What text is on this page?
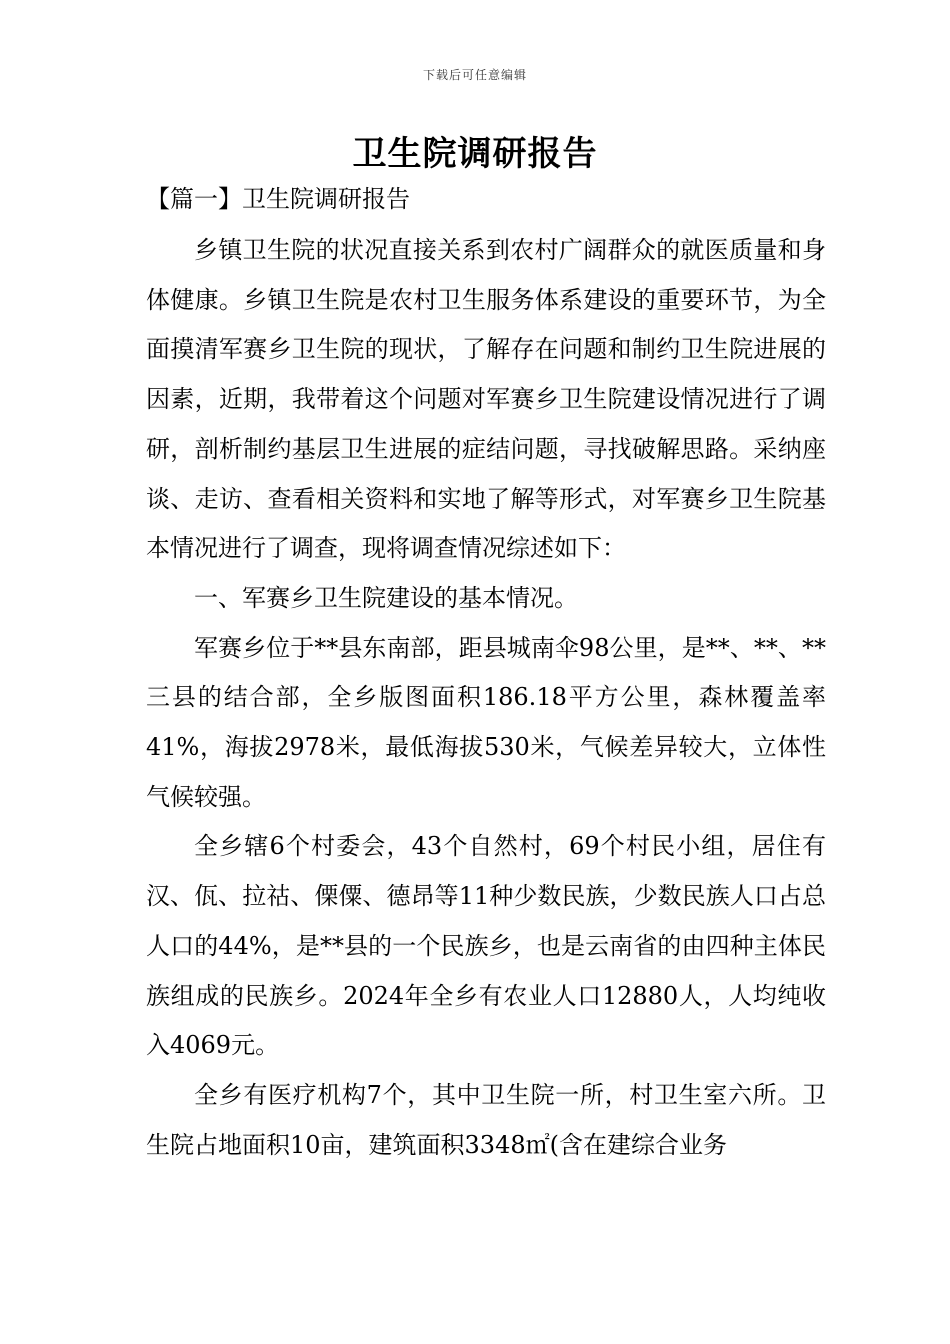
下载后可任意编辑
卫生院调研报告
【篇一】卫生院调研报告

乡镇卫生院的状况直接关系到农村广阔群众的就医质量和身体健康。乡镇卫生院是农村卫生服务体系建设的重要环节，为全面摸清军赛乡卫生院的现状，了解存在问题和制约卫生院进展的因素，近期，我带着这个问题对军赛乡卫生院建设情况进行了调研，剖析制约基层卫生进展的症结问题，寻找破解思路。采纳座谈、走访、查看相关资料和实地了解等形式，对军赛乡卫生院基本情况进行了调查，现将调查情况综述如下：

一、军赛乡卫生院建设的基本情况。

军赛乡位于**县东南部，距县城南伞98公里，是**、**、**三县的结合部，全乡版图面积186.18平方公里，森林覆盖率41%，海拔2978米，最低海拔530米，气候差异较大，立体性气候较强。

全乡辖6个村委会，43个自然村，69个村民小组，居住有汉、佤、拉祜、傈僳、德昂等11种少数民族，少数民族人口占总人口的44%，是**县的一个民族乡，也是云南省的由四种主体民族组成的民族乡。2024年全乡有农业人口12880人，人均纯收入4069元。

全乡有医疗机构7个，其中卫生院一所，村卫生室六所。卫生院占地面积10亩，建筑面积3348㎡(含在建综合业务
